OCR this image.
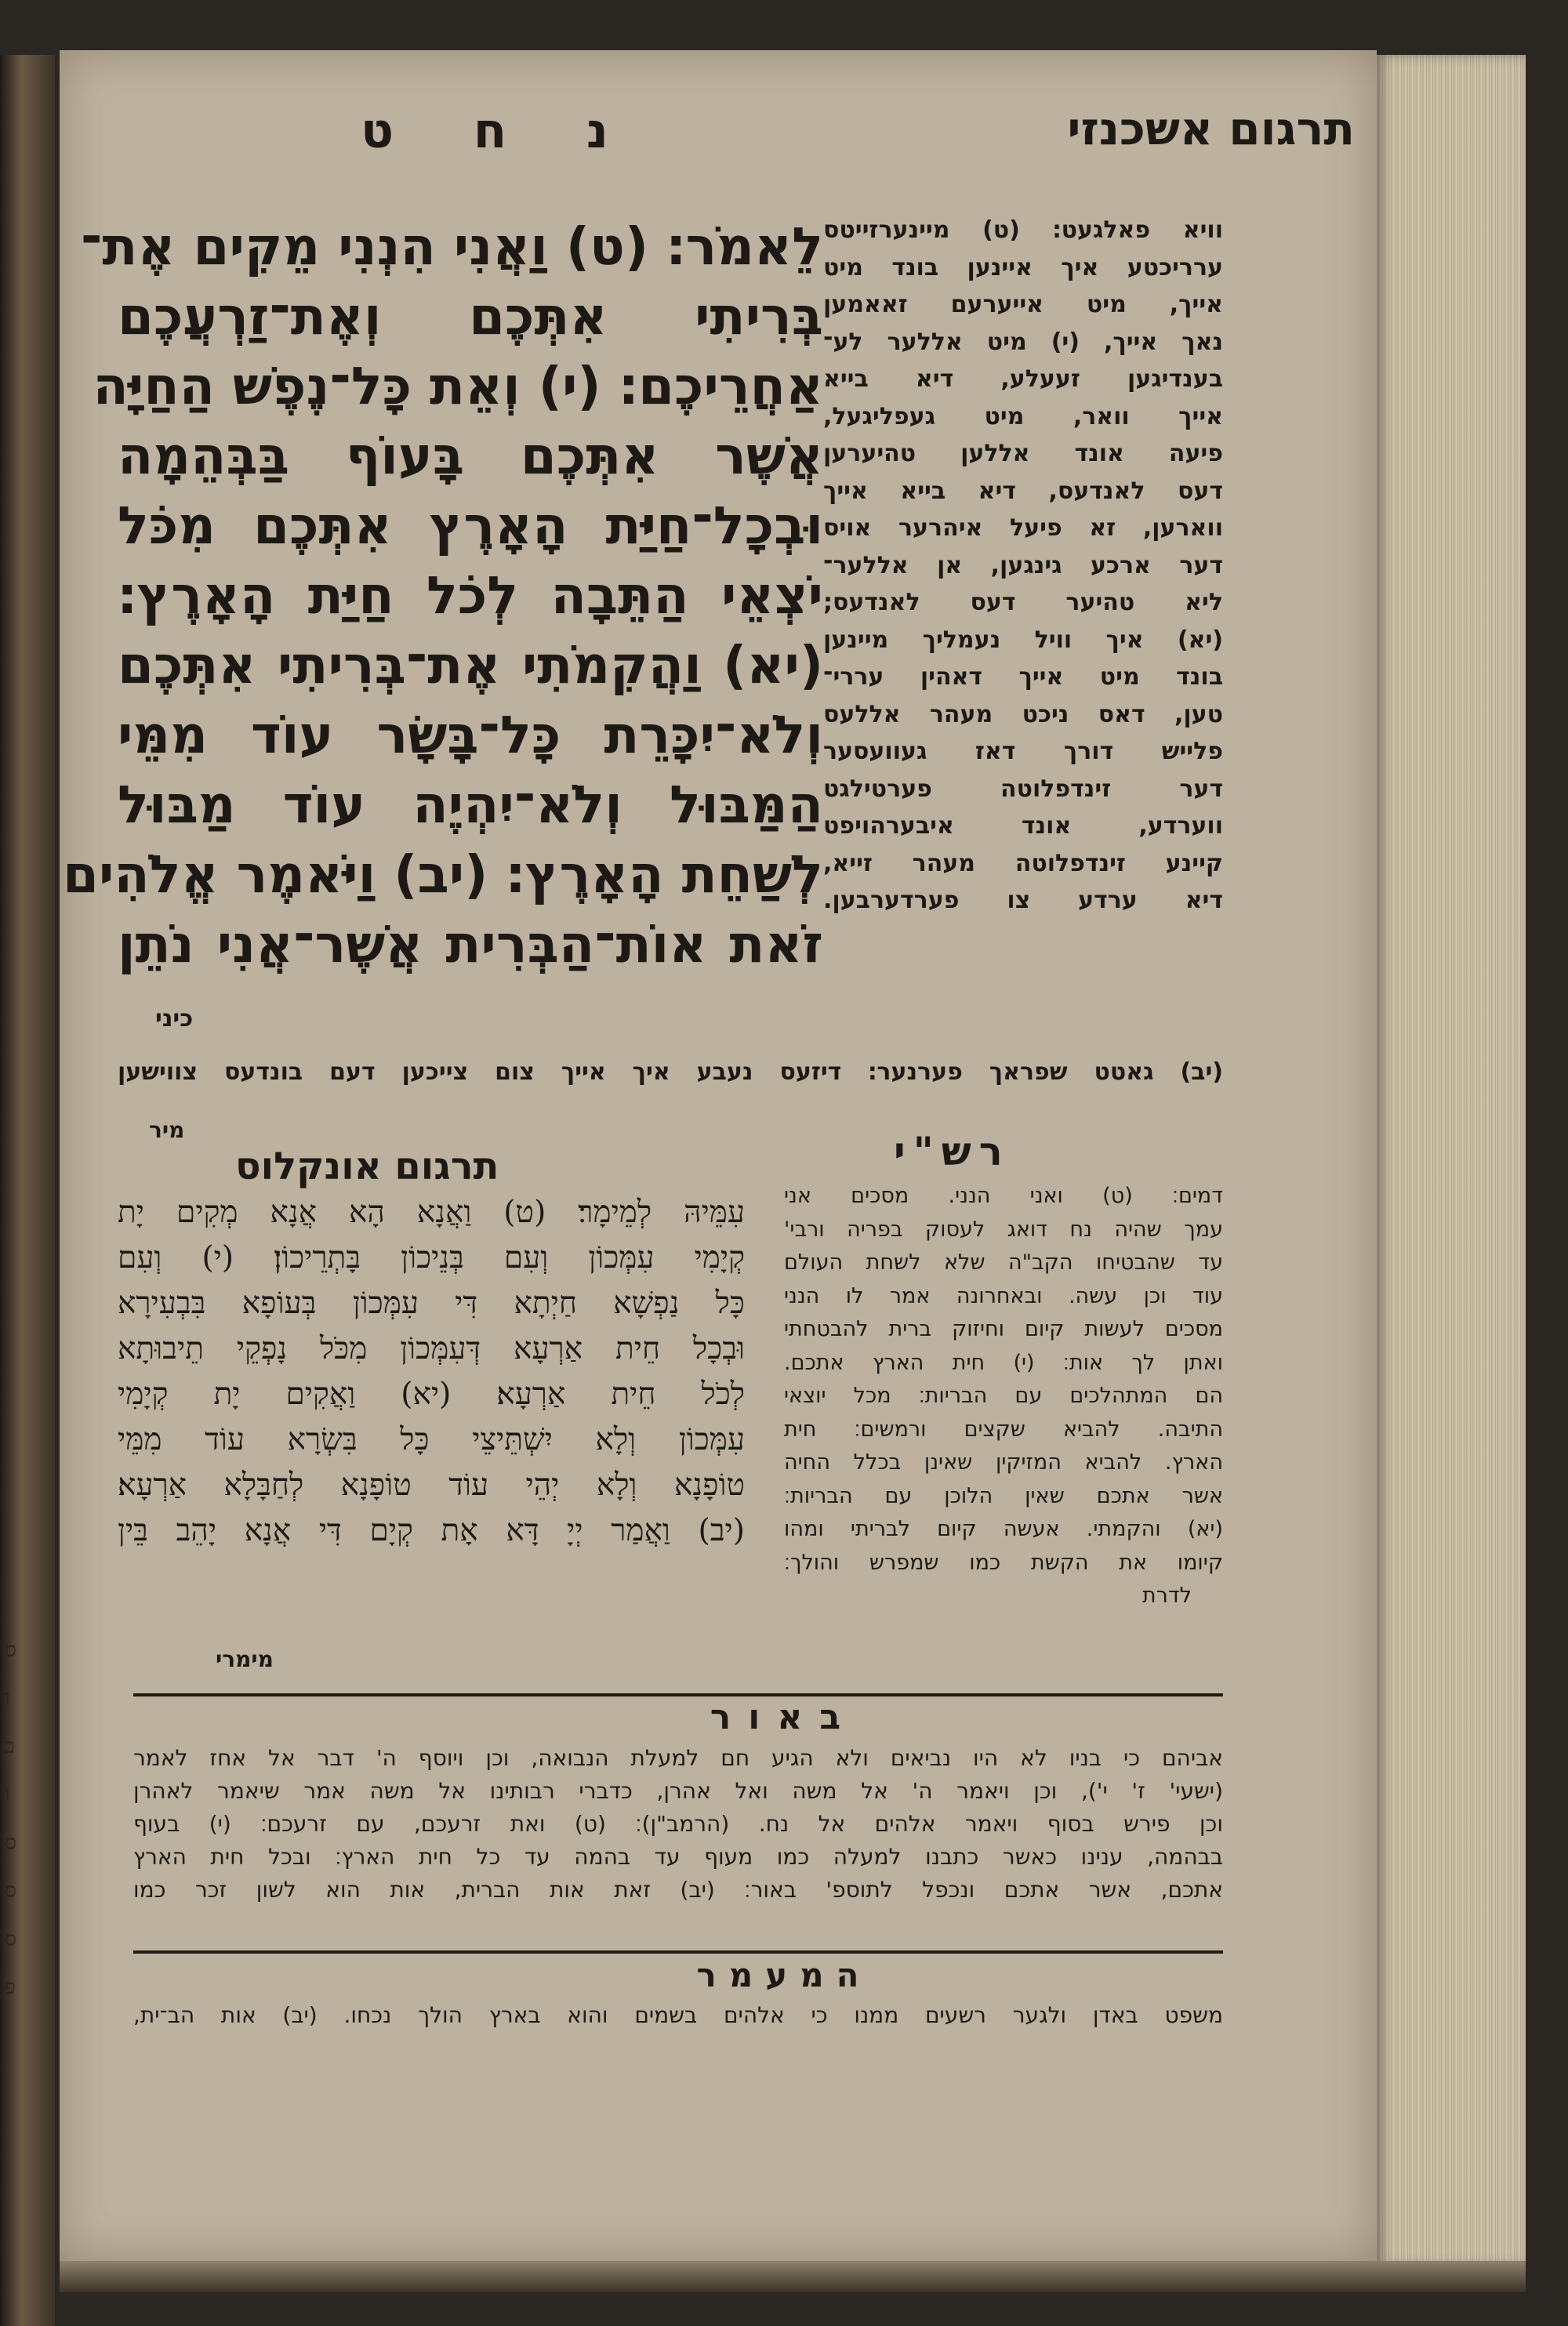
ס
ו
כ
ו
ס
ס
ס
פ
תרגום אשכנזי
נ ח ט
לֵאמֹר׃ (ט) וַאֲנִי הִנְנִי מֵקִים אֶת־
בְּרִיתִי אִתְּכֶם וְאֶת־זַרְעֲכֶם
אַחֲרֵיכֶם׃ (י) וְאֵת כָּל־נֶפֶשׁ הַחַיָּה
אֲשֶׁר אִתְּכֶם בָּעוֹף בַּבְּהֵמָה
וּבְכָל־חַיַּת הָאָרֶץ אִתְּכֶם מִכֹּל
יֹצְאֵי הַתֵּבָה לְכֹל חַיַּת הָאָרֶץ׃
(יא) וַהֲקִמֹתִי אֶת־בְּרִיתִי אִתְּכֶם
וְלֹא־יִכָּרֵת כָּל־בָּשָׂר עוֹד מִמֵּי
הַמַּבּוּל וְלֹא־יִהְיֶה עוֹד מַבּוּל
לְשַׁחֵת הָאָרֶץ׃ (יב) וַיֹּאמֶר אֱלֹהִים
זֹאת אוֹת־הַבְּרִית אֲשֶׁר־אֲנִי נֹתֵן
כיני
וויא פאלגעט׃ (ט) מיינערזייטס
ערריכטע איך איינען בונד מיט
אייך, מיט אייערעם זאאמען
נאך אייך, (י) מיט אללער לע־
בענדיגען זעעלע, דיא בייא
אייך וואר, מיט געפליגעל,
פיעה אונד אללען טהיערען
דעס לאנדעס, דיא בייא אייך
ווארען, זא פיעל איהרער אויס
דער ארכע גינגען, אן אללער־
ליא טהיער דעס לאנדעס;
(יא) איך וויל נעמליך מיינען
בונד מיט אייך דאהין עררי־
טען, דאס ניכט מעהר אללעס
פלייש דורך דאז געוועסער
דער זינדפלוטה פערטילגט
ווערדע, אונד איבערהויפט
קיינע זינדפלוטה מעהר זייא,
דיא ערדע צו פערדערבען.
(יב) גאטט שפראך פערנער׃ דיזעס נעבע איך אייך צום צייכען דעם בונדעס צווישען
מיר
תרגום אונקלוס
עִמֵּיהּ לְמֵימָר׃ (ט) וַאֲנָא הָא אֲנָא מְקִים יָת
קְיָמִי עִמְּכוֹן וְעִם בְּנֵיכוֹן בָּתְרֵיכוֹן׃ (י) וְעִם
כָּל נַפְשָׁא חַיְתָא דִּי עִמְּכוֹן בְּעוֹפָא בִּבְעִירָא
וּבְכָל חֵית אַרְעָא דְּעִמְּכוֹן מִכֹּל נָפְקֵי תֵיבוּתָא
לְכֹל חֵית אַרְעָא׃ (יא) וַאֲקִים יָת קְיָמִי
עִמְּכוֹן וְלָא יִשְׁתֵּיצֵי כָּל בִּשְׂרָא עוֹד מִמֵּי
טוֹפָנָא וְלָא יְהֵי עוֹד טוֹפָנָא לְחַבָּלָא אַרְעָא׃
(יב) וַאֲמַר יְיָ דָּא אָת קְיָם דִּי אֲנָא יָהֵב בֵּין
מימרי
רש"י
דמים׃ (ט) ואני הנני. מסכים אני
עמך שהיה נח דואג לעסוק בפריה ורבי'
עד שהבטיחו הקב"ה שלא לשחת העולם
עוד וכן עשה. ובאחרונה אמר לו הנני
מסכים לעשות קיום וחיזוק ברית להבטחתי
ואתן לך אות׃ (י) חית הארץ אתכם.
הם המתהלכים עם הבריות׃ מכל יוצאי
התיבה. להביא שקצים ורמשים׃ חית
הארץ. להביא המזיקין שאינן בכלל החיה
אשר אתכם שאין הלוכן עם הבריות׃
(יא) והקמתי. אעשה קיום לבריתי ומהו
קיומו את הקשת כמו שמפרש והולך׃
לדרת
באור
אביהם כי בניו לא היו נביאים ולא הגיע חם למעלת הנבואה, וכן ויוסף ה' דבר אל אחז לאמר
(ישעי' ז' י'), וכן ויאמר ה' אל משה ואל אהרן, כדברי רבותינו אל משה אמר שיאמר לאהרן
וכן פירש בסוף ויאמר אלהים אל נח. (הרמב"ן)׃ (ט) ואת זרעכם, עם זרעכם׃ (י) בעוף
בבהמה, ענינו כאשר כתבנו למעלה כמו מעוף עד בהמה עד כל חית הארץ׃ ובכל חית הארץ
אתכם, אשר אתכם ונכפל לתוספ' באור׃ (יב) זאת אות הברית, אות הוא לשון זכר כמו
המעמר
משפט באדן ולגער רשעים ממנו כי אלהים בשמים והוא בארץ הולך נכחו. (יב) אות הב־ית,
